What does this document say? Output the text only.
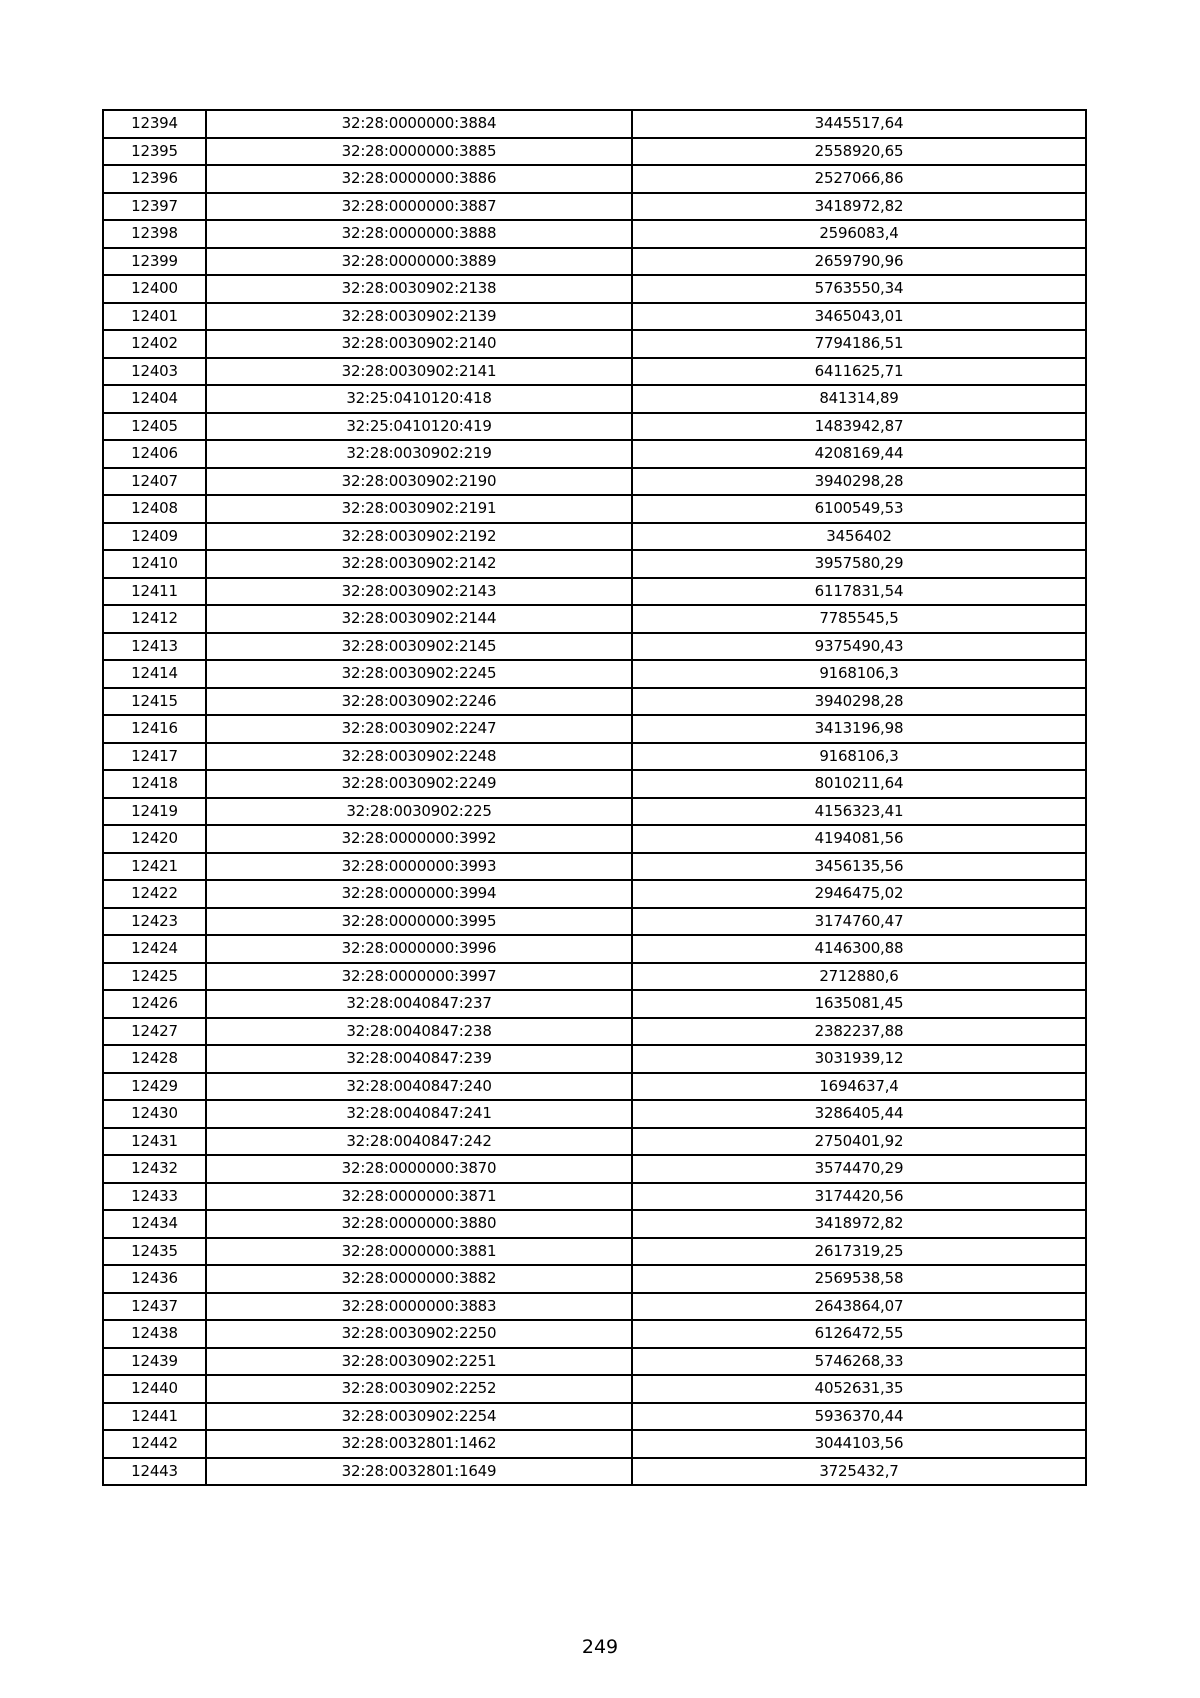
12394	32:28:0000000:3884	3445517,64
12395	32:28:0000000:3885	2558920,65
12396	32:28:0000000:3886	2527066,86
12397	32:28:0000000:3887	3418972,82
12398	32:28:0000000:3888	2596083,4
12399	32:28:0000000:3889	2659790,96
12400	32:28:0030902:2138	5763550,34
12401	32:28:0030902:2139	3465043,01
12402	32:28:0030902:2140	7794186,51
12403	32:28:0030902:2141	6411625,71
12404	32:25:0410120:418	841314,89
12405	32:25:0410120:419	1483942,87
12406	32:28:0030902:219	4208169,44
12407	32:28:0030902:2190	3940298,28
12408	32:28:0030902:2191	6100549,53
12409	32:28:0030902:2192	3456402
12410	32:28:0030902:2142	3957580,29
12411	32:28:0030902:2143	6117831,54
12412	32:28:0030902:2144	7785545,5
12413	32:28:0030902:2145	9375490,43
12414	32:28:0030902:2245	9168106,3
12415	32:28:0030902:2246	3940298,28
12416	32:28:0030902:2247	3413196,98
12417	32:28:0030902:2248	9168106,3
12418	32:28:0030902:2249	8010211,64
12419	32:28:0030902:225	4156323,41
12420	32:28:0000000:3992	4194081,56
12421	32:28:0000000:3993	3456135,56
12422	32:28:0000000:3994	2946475,02
12423	32:28:0000000:3995	3174760,47
12424	32:28:0000000:3996	4146300,88
12425	32:28:0000000:3997	2712880,6
12426	32:28:0040847:237	1635081,45
12427	32:28:0040847:238	2382237,88
12428	32:28:0040847:239	3031939,12
12429	32:28:0040847:240	1694637,4
12430	32:28:0040847:241	3286405,44
12431	32:28:0040847:242	2750401,92
12432	32:28:0000000:3870	3574470,29
12433	32:28:0000000:3871	3174420,56
12434	32:28:0000000:3880	3418972,82
12435	32:28:0000000:3881	2617319,25
12436	32:28:0000000:3882	2569538,58
12437	32:28:0000000:3883	2643864,07
12438	32:28:0030902:2250	6126472,55
12439	32:28:0030902:2251	5746268,33
12440	32:28:0030902:2252	4052631,35
12441	32:28:0030902:2254	5936370,44
12442	32:28:0032801:1462	3044103,56
12443	32:28:0032801:1649	3725432,7
249
